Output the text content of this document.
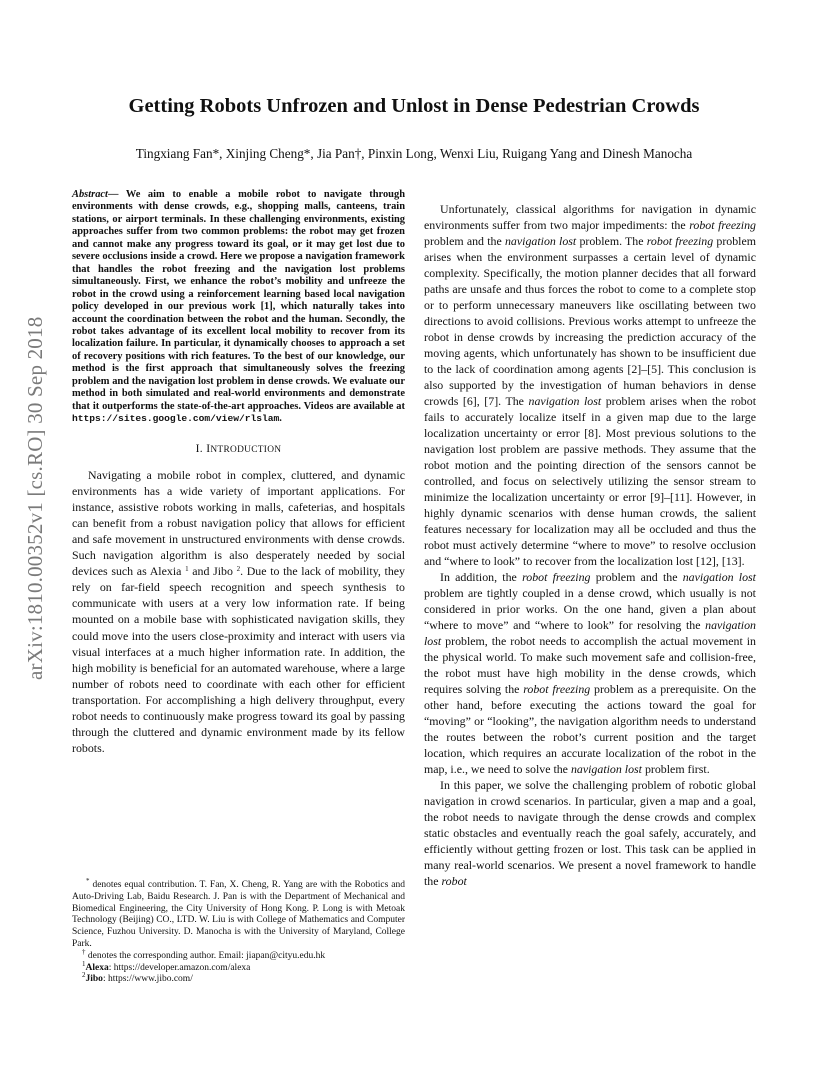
Getting Robots Unfrozen and Unlost in Dense Pedestrian Crowds
Tingxiang Fan*, Xinjing Cheng*, Jia Pan†, Pinxin Long, Wenxi Liu, Ruigang Yang and Dinesh Manocha
arXiv:1810.00352v1 [cs.RO] 30 Sep 2018

Abstract— We aim to enable a mobile robot to navigate through environments with dense crowds, e.g., shopping malls, canteens, train stations, or airport terminals. In these challenging environments, existing approaches suffer from two common problems: the robot may get frozen and cannot make any progress toward its goal, or it may get lost due to severe occlusions inside a crowd. Here we propose a navigation framework that handles the robot freezing and the navigation lost problems simultaneously. First, we enhance the robot’s mobility and unfreeze the robot in the crowd using a reinforcement learning based local navigation policy developed in our previous work [1], which naturally takes into account the coordination between the robot and the human. Secondly, the robot takes advantage of its excellent local mobility to recover from its localization failure. In particular, it dynamically chooses to approach a set of recovery positions with rich features. To the best of our knowledge, our method is the first approach that simultaneously solves the freezing problem and the navigation lost problem in dense crowds. We evaluate our method in both simulated and real-world environments and demonstrate that it outperforms the state-of-the-art approaches. Videos are available at https://sites.google.com/view/rlslam.

I. INTRODUCTION

Navigating a mobile robot in complex, cluttered, and dynamic environments has a wide variety of important applications. For instance, assistive robots working in malls, cafeterias, and hospitals can benefit from a robust navigation policy that allows for efficient and safe movement in unstructured environments with dense crowds. Such navigation algorithm is also desperately needed by social devices such as Alexia $^1$ and Jibo $^2$. Due to the lack of mobility, they rely on far-field speech recognition and speech synthesis to communicate with users at a very low information rate. If being mounted on a mobile base with sophisticated navigation skills, they could move into the users close-proximity and interact with users via visual interfaces at a much higher information rate. In addition, the high mobility is beneficial for an automated warehouse, where a large number of robots need to coordinate with each other for efficient transportation. For accomplishing a high delivery throughput, every robot needs to continuously make progress toward its goal by passing through the cluttered and dynamic environment made by its fellow robots.

* denotes equal contribution. T. Fan, X. Cheng, R. Yang are with the Robotics and Auto-Driving Lab, Baidu Research. J. Pan is with the Department of Mechanical and Biomedical Engineering, the City University of Hong Kong. P. Long is with Metoak Technology (Beijing) CO., LTD. W. Liu is with College of Mathematics and Computer Science, Fuzhou University. D. Manocha is with the University of Maryland, College Park.

† denotes the corresponding author. Email: jiapan@cityu.edu.hk

$^1$Alexa: https://developer.amazon.com/alexa

$^2$Jibo: https://www.jibo.com/

Unfortunately, classical algorithms for navigation in dynamic environments suffer from two major impediments: the robot freezing problem and the navigation lost problem. The robot freezing problem arises when the environment surpasses a certain level of dynamic complexity. Specifically, the motion planner decides that all forward paths are unsafe and thus forces the robot to come to a complete stop or to perform unnecessary maneuvers like oscillating between two directions to avoid collisions. Previous works attempt to unfreeze the robot in dense crowds by increasing the prediction accuracy of the moving agents, which unfortunately has shown to be insufficient due to the lack of coordination among agents [2]–[5]. This conclusion is also supported by the investigation of human behaviors in dense crowds [6], [7]. The navigation lost problem arises when the robot fails to accurately localize itself in a given map due to the large localization uncertainty or error [8]. Most previous solutions to the navigation lost problem are passive methods. They assume that the robot motion and the pointing direction of the sensors cannot be controlled, and focus on selectively utilizing the sensor stream to minimize the localization uncertainty or error [9]–[11]. However, in highly dynamic scenarios with dense human crowds, the salient features necessary for localization may all be occluded and thus the robot must actively determine “where to move” to resolve occlusion and “where to look” to recover from the localization lost [12], [13].

In addition, the robot freezing problem and the navigation lost problem are tightly coupled in a dense crowd, which usually is not considered in prior works. On the one hand, given a plan about “where to move” and “where to look” for resolving the navigation lost problem, the robot needs to accomplish the actual movement in the physical world. To make such movement safe and collision-free, the robot must have high mobility in the dense crowds, which requires solving the robot freezing problem as a prerequisite. On the other hand, before executing the actions toward the goal for “moving” or “looking”, the navigation algorithm needs to understand the routes between the robot’s current position and the target location, which requires an accurate localization of the robot in the map, i.e., we need to solve the navigation lost problem first.

In this paper, we solve the challenging problem of robotic global navigation in crowd scenarios. In particular, given a map and a goal, the robot needs to navigate through the dense crowds and complex static obstacles and eventually reach the goal safely, accurately, and efficiently without getting frozen or lost. This task can be applied in many real-world scenarios. We present a novel framework to handle the robot
